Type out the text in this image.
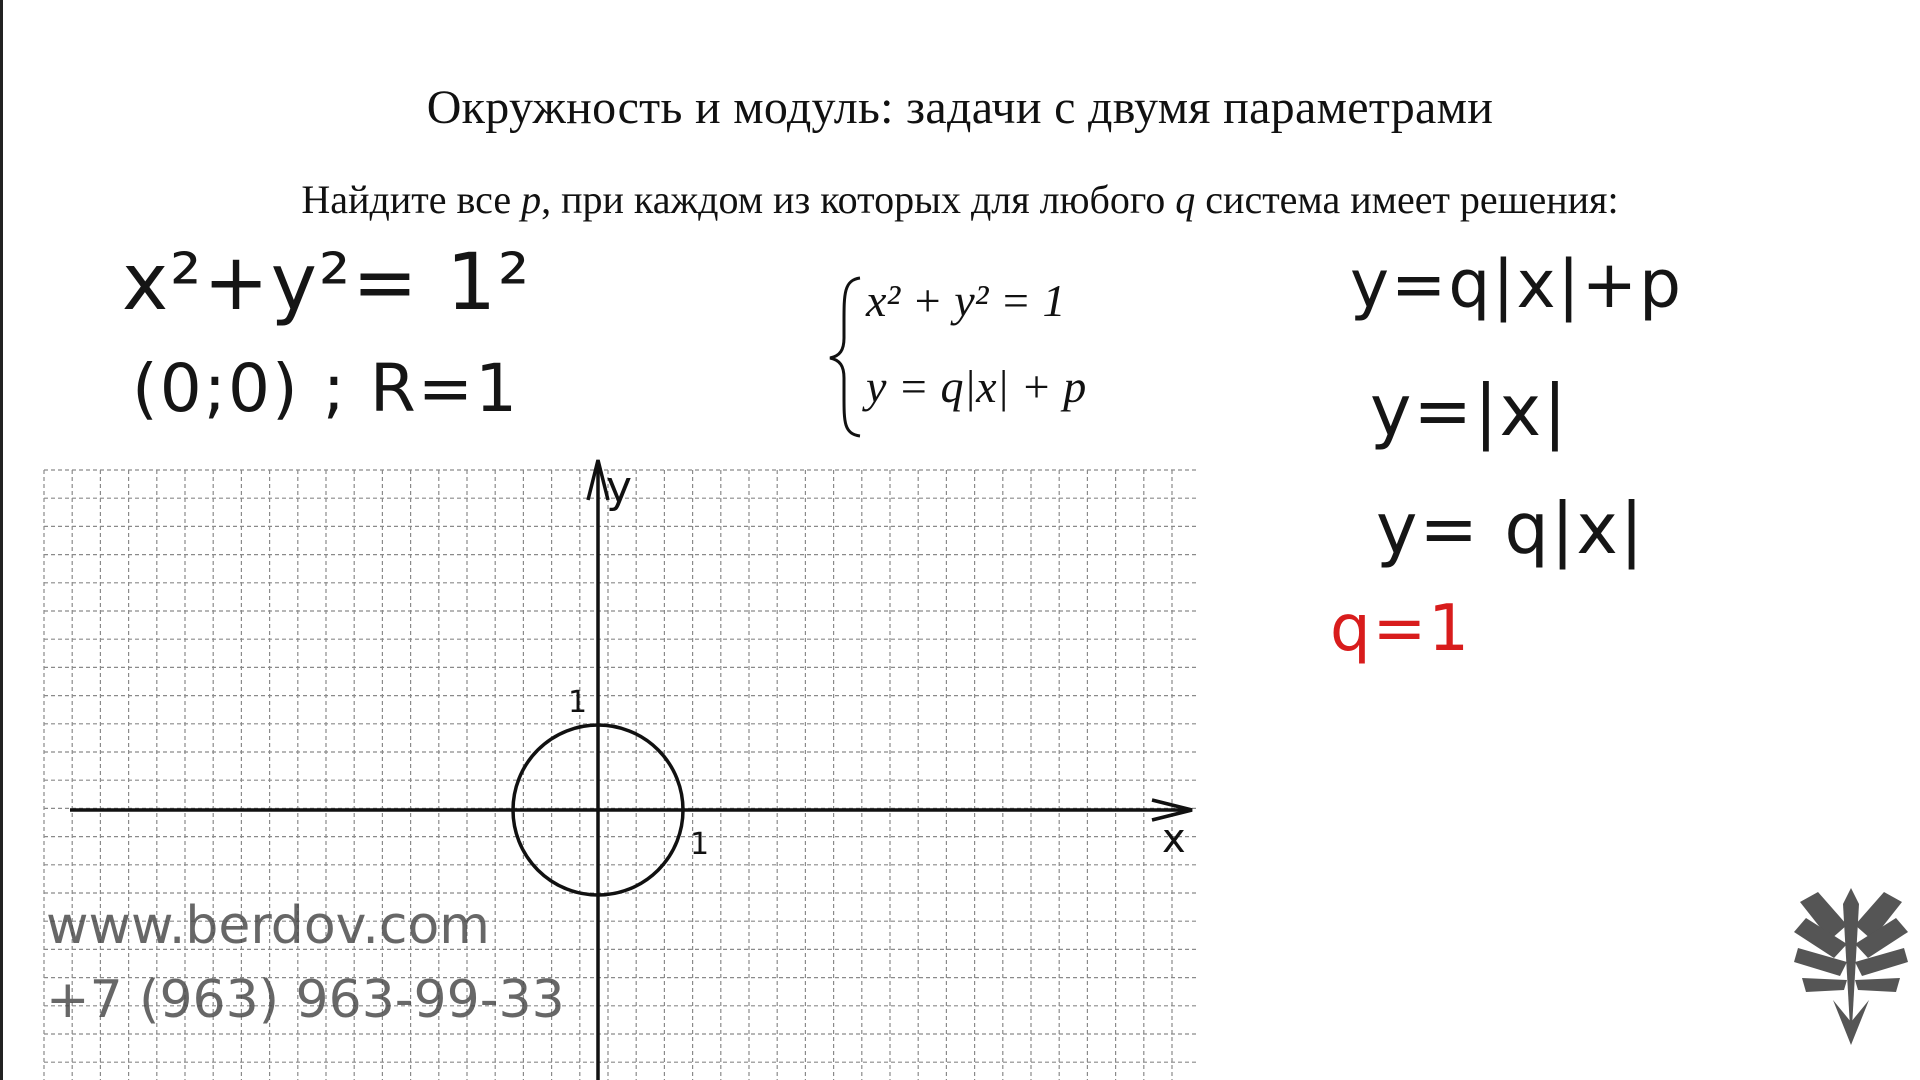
Окружность и модуль: задачи с двумя параметрами
Найдите все p, при каждом из которых для любого q система имеет решения:
x²+y²= 1²
(0;0) ; R=1
x² + y² = 1
y = q|x| + p
y=q|x|+p
y=|x|
y= q|x|
q=1
x
y
1
1
www.berdov.com
+7 (963) 963-99-33
